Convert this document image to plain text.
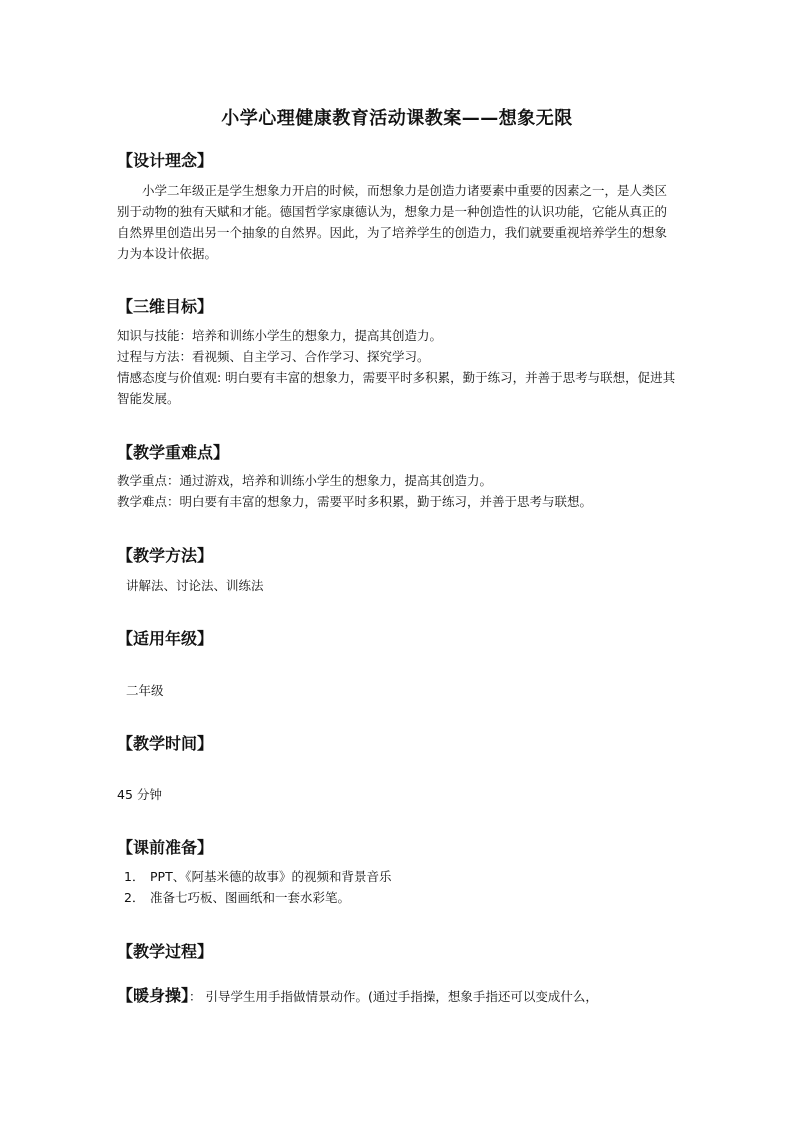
小学心理健康教育活动课教案——想象无限
【设计理念】
小学二年级正是学生想象力开启的时候，而想象力是创造力诸要素中重要的因素之一，是人类区别于动物的独有天赋和才能。德国哲学家康德认为，想象力是一种创造性的认识功能，它能从真正的自然界里创造出另一个抽象的自然界。因此，为了培养学生的创造力，我们就要重视培养学生的想象力为本设计依据。
【三维目标】
知识与技能：培养和训练小学生的想象力，提高其创造力。
过程与方法：看视频、自主学习、合作学习、探究学习。
情感态度与价值观: 明白要有丰富的想象力，需要平时多积累，勤于练习，并善于思考与联想，促进其智能发展。
【教学重难点】
教学重点：通过游戏，培养和训练小学生的想象力，提高其创造力。
教学难点：明白要有丰富的想象力，需要平时多积累，勤于练习，并善于思考与联想。
【教学方法】
讲解法、讨论法、训练法
【适用年级】
二年级
【教学时间】
45 分钟
【课前准备】
1． PPT、《阿基米德的故事》的视频和背景音乐
2． 准备七巧板、图画纸和一套水彩笔。
【教学过程】
【暖身操】： 引导学生用手指做情景动作。(通过手指操，想象手指还可以变成什么，
